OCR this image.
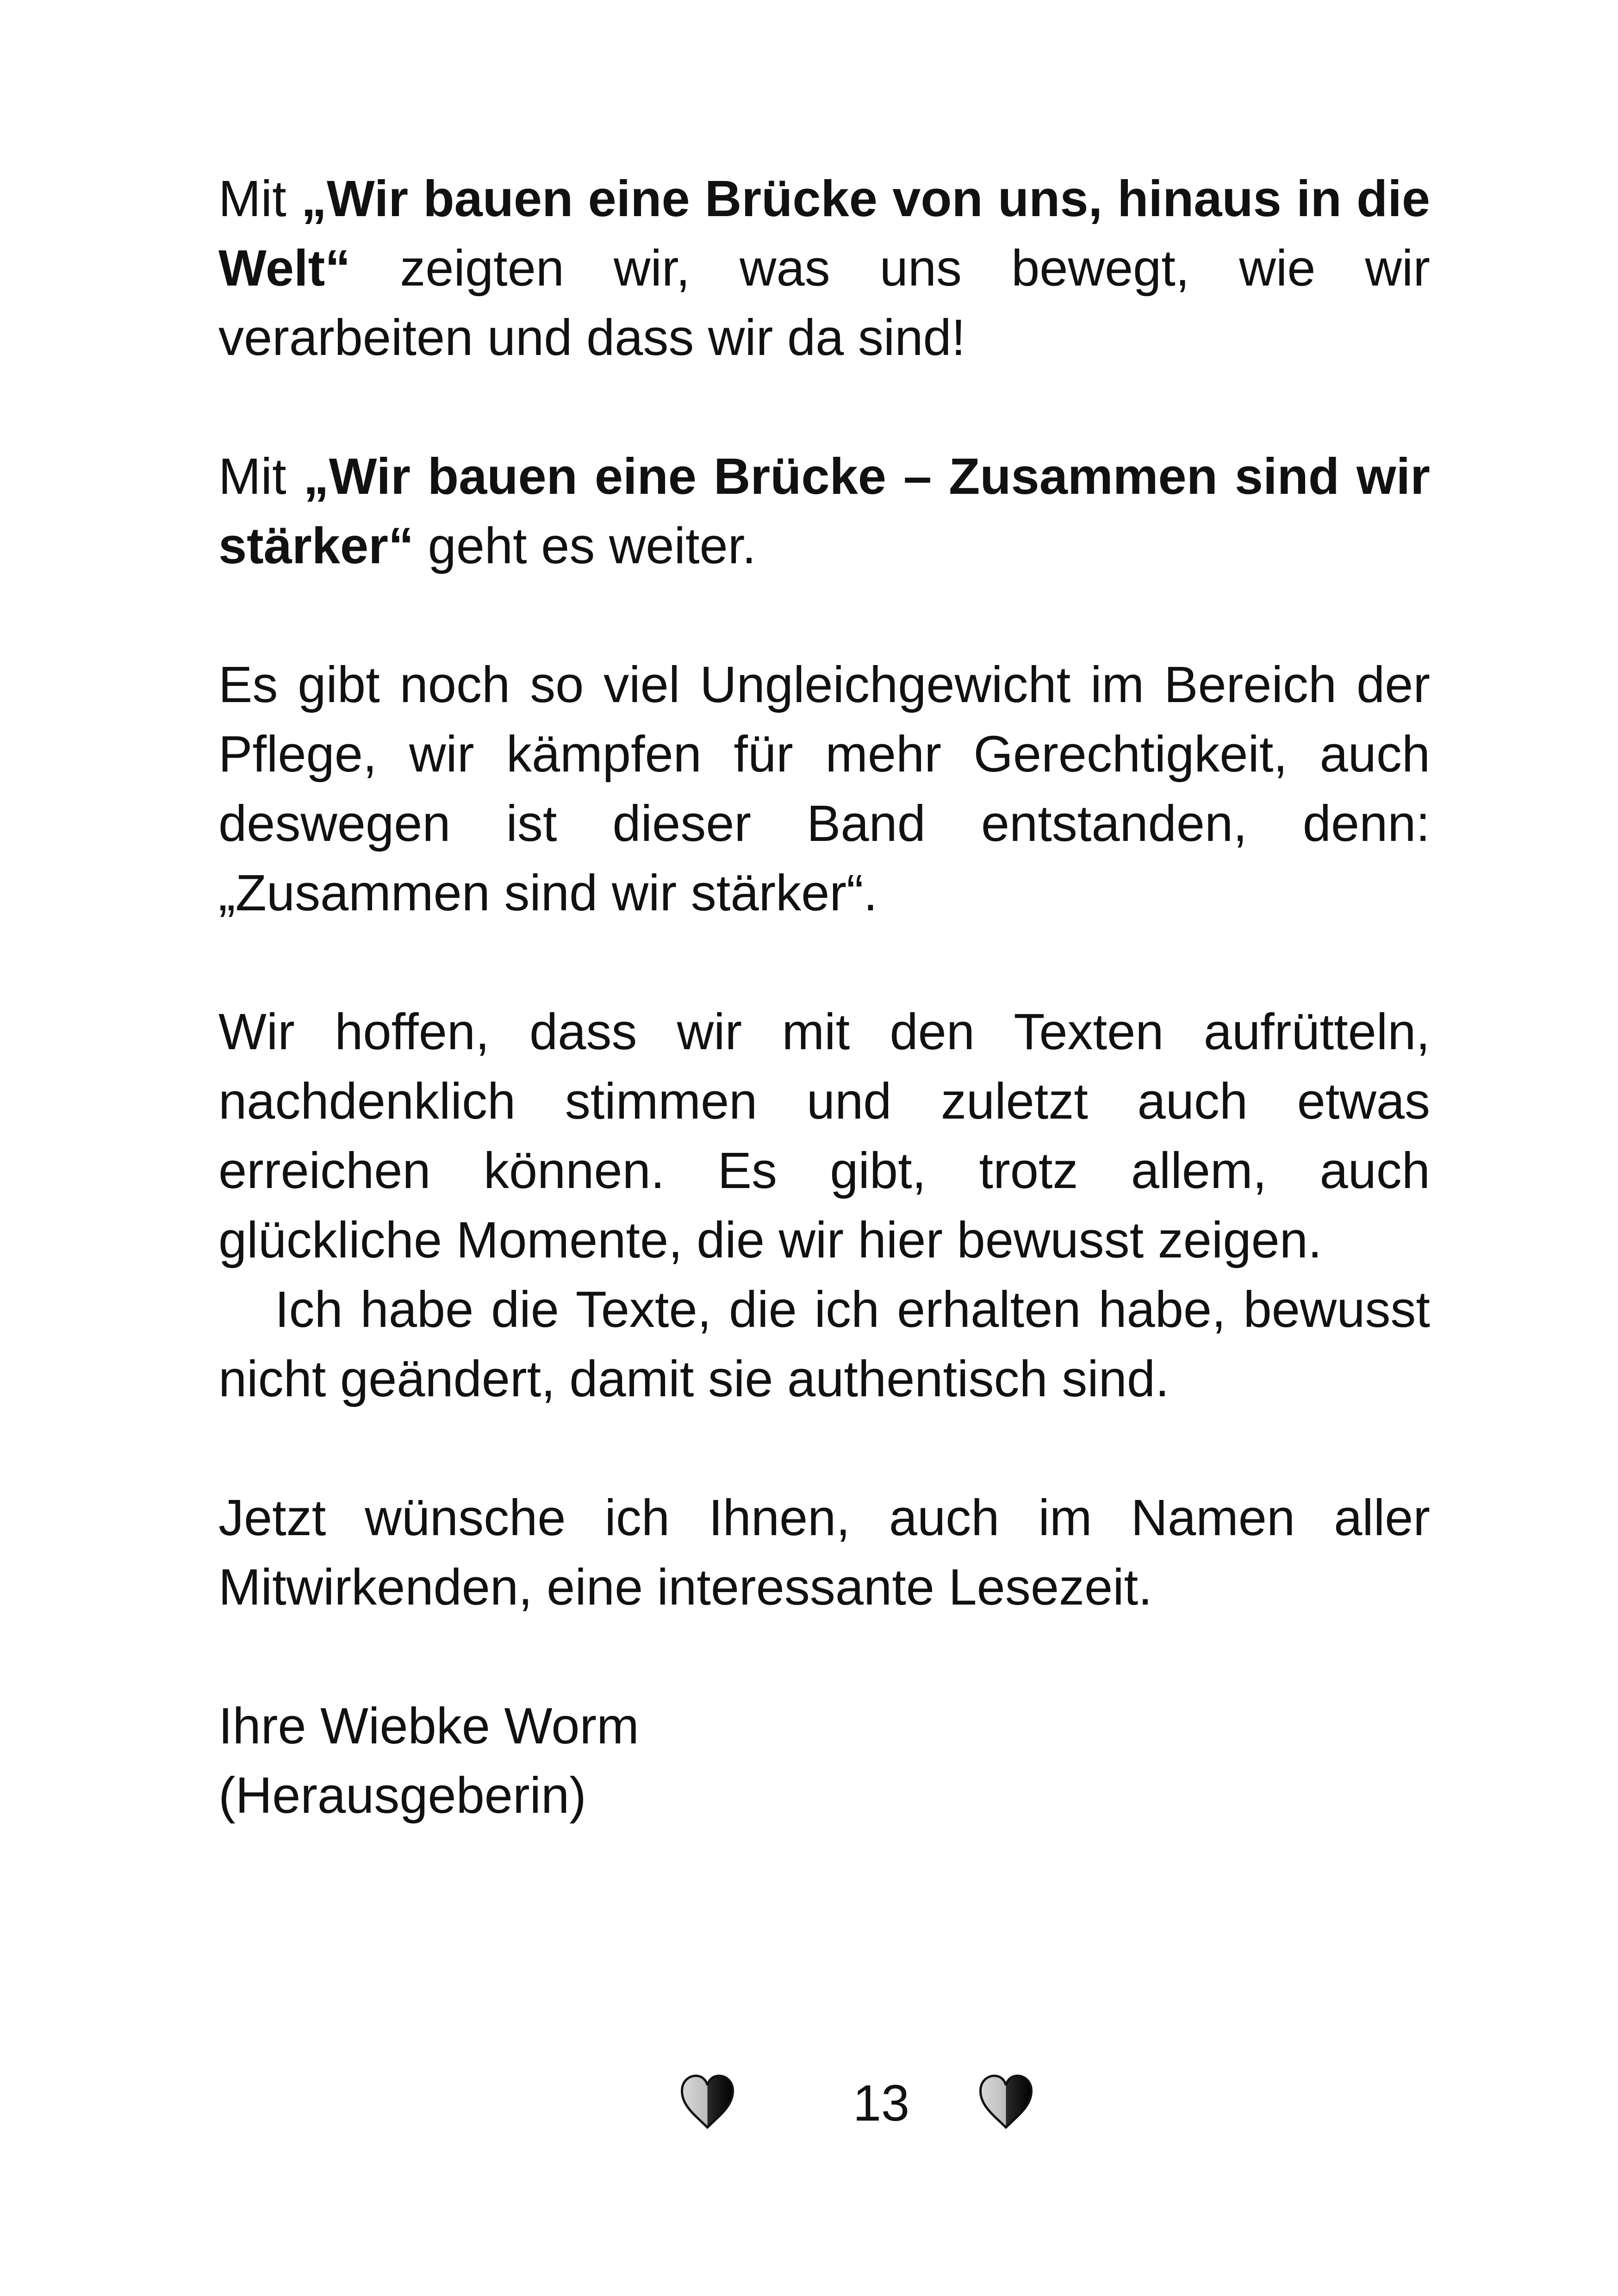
Mit „Wir bauen eine Brücke von uns, hinaus in die Welt“ zeigten wir, was uns bewegt, wie wir verarbeiten und dass wir da sind!

Mit „Wir bauen eine Brücke – Zusammen sind wir stärker“ geht es weiter.

Es gibt noch so viel Ungleichgewicht im Bereich der Pflege, wir kämpfen für mehr Gerechtigkeit, auch deswegen ist dieser Band entstanden, denn: „Zusammen sind wir stärker“.

Wir hoffen, dass wir mit den Texten aufrütteln, nachdenklich stimmen und zuletzt auch etwas erreichen können. Es gibt, trotz allem, auch glückliche Momente, die wir hier bewusst zeigen.

Ich habe die Texte, die ich erhalten habe, bewusst nicht geändert, damit sie authentisch sind.

Jetzt wünsche ich Ihnen, auch im Namen aller Mitwirkenden, eine interessante Lesezeit.

Ihre Wiebke Worm
(Herausgeberin)
13
